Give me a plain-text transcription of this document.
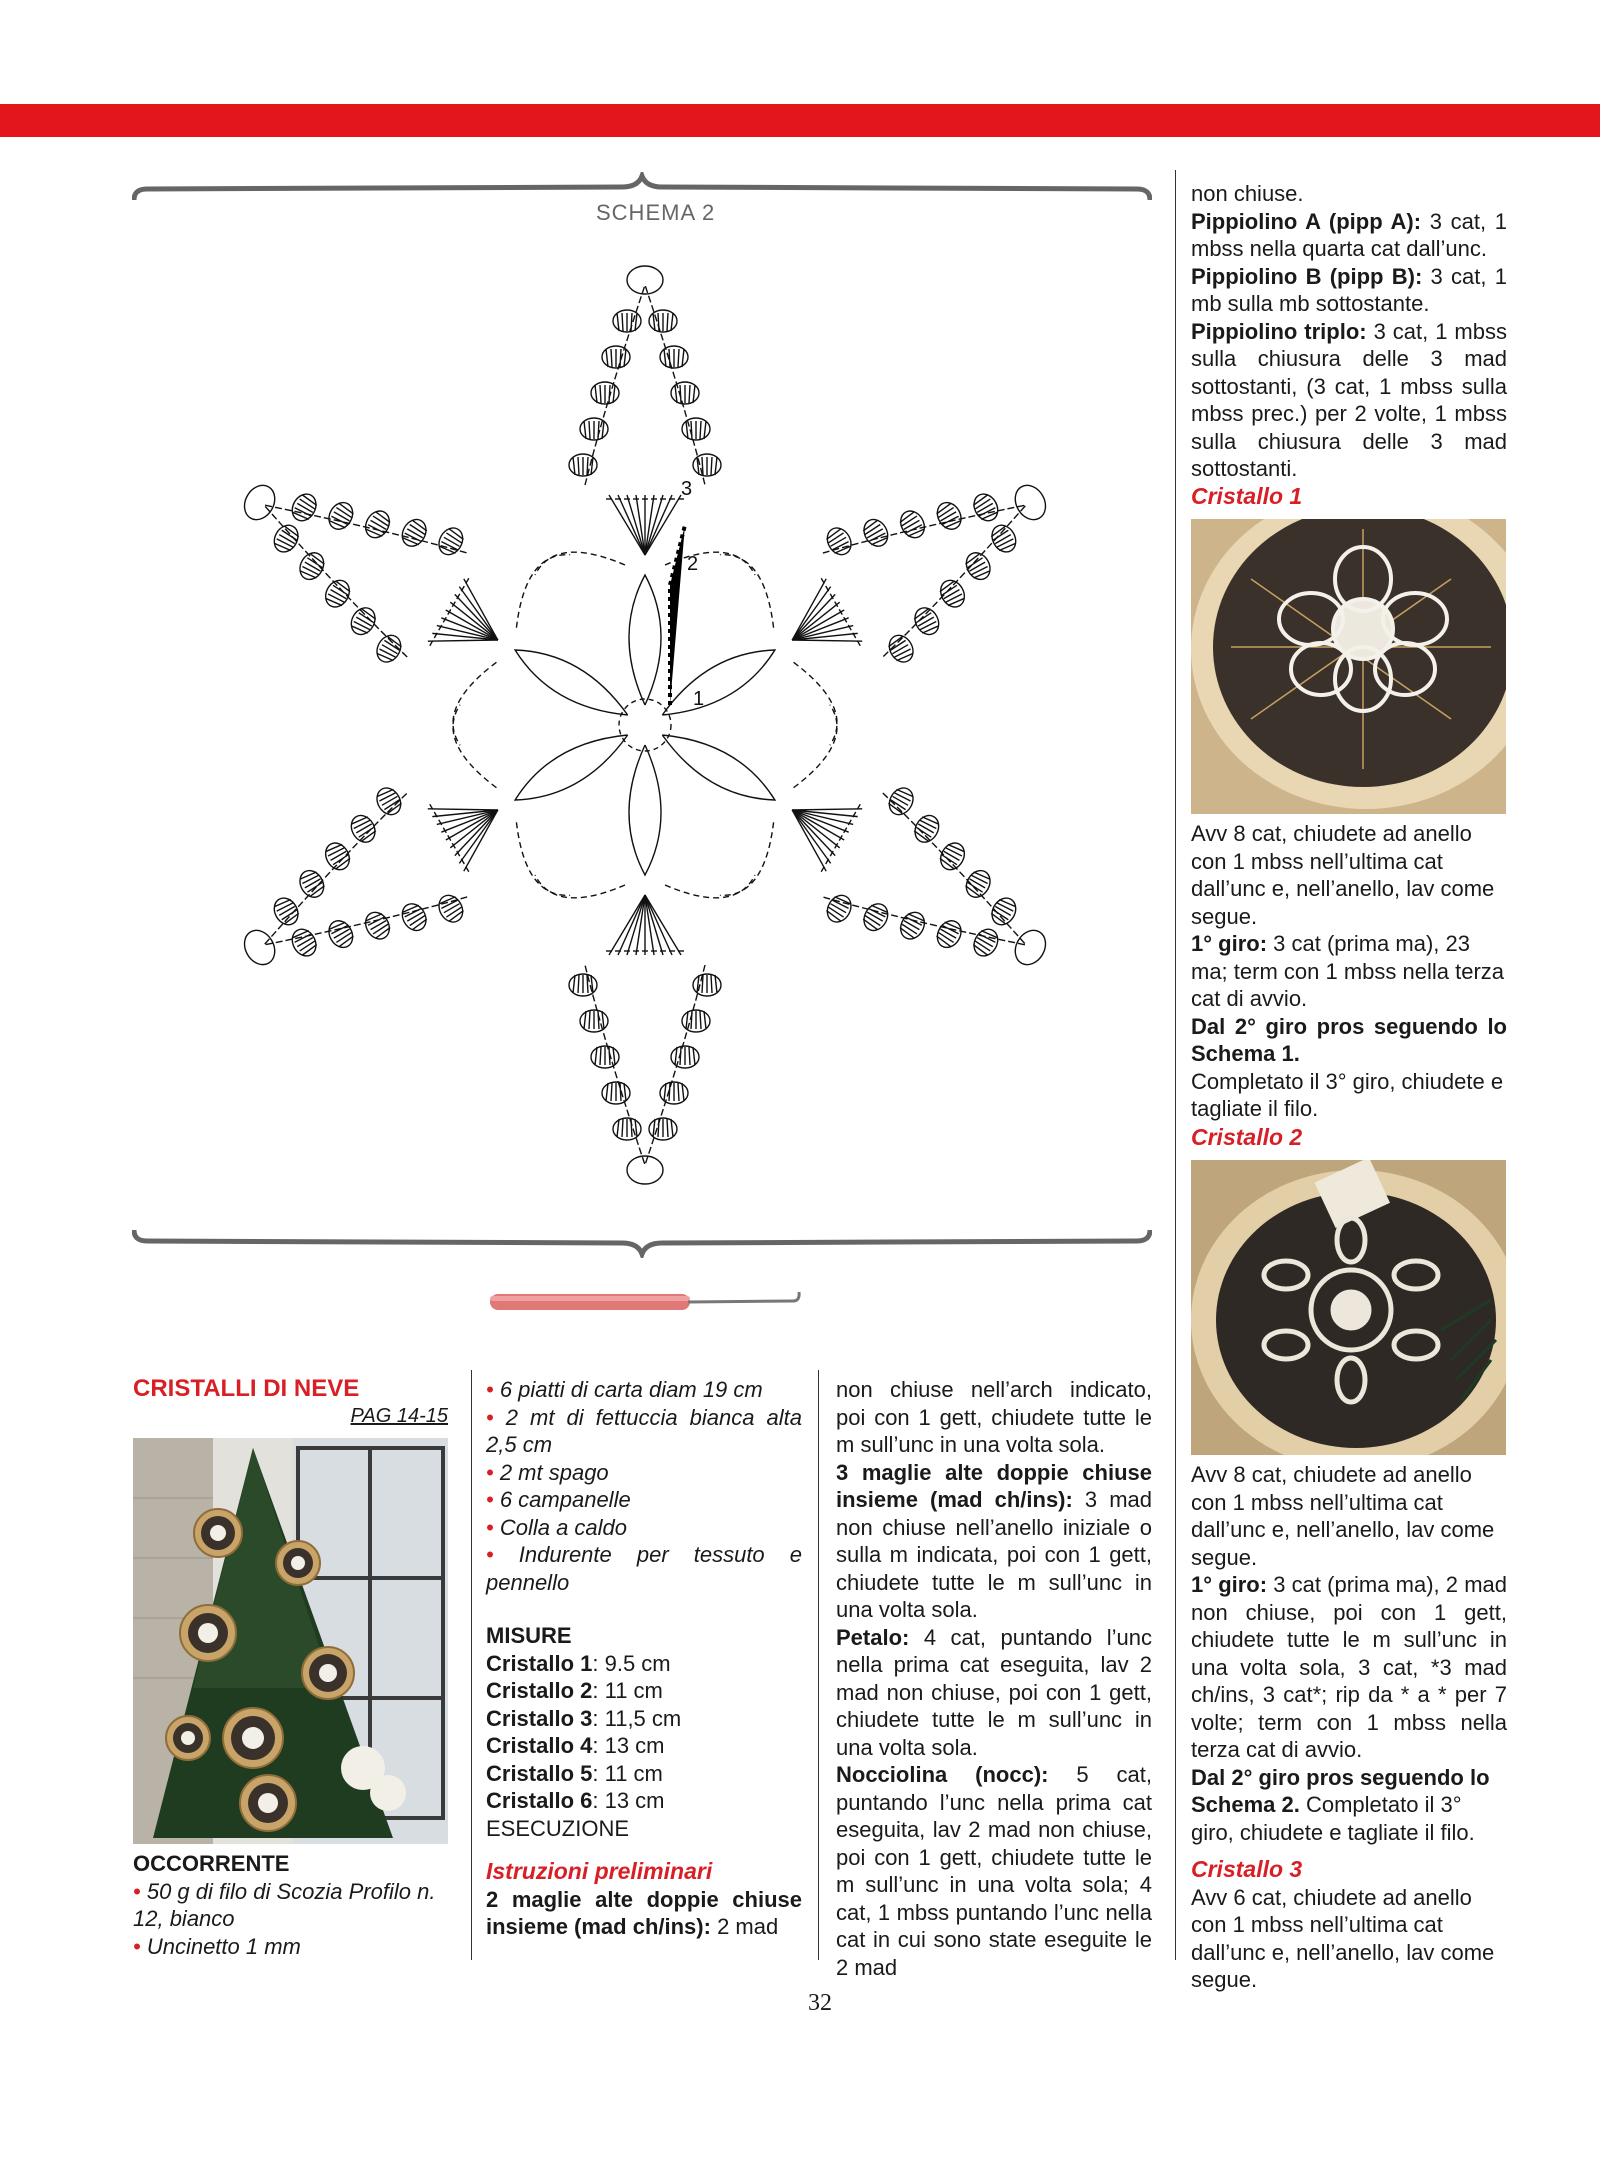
SCHEMA 2
3
2
1

non chiuse.

Pippiolino A (pipp A): 3 cat, 1 mbss nella quarta cat dall’unc.

Pippiolino B (pipp B): 3 cat, 1 mb sulla mb sottostante.

Pippiolino triplo: 3 cat, 1 mbss sulla chiusura delle 3 mad sottostanti, (3 cat, 1 mbss sulla mbss prec.) per 2 volte, 1 mbss sulla chiusura delle 3 mad sottostanti.

Cristallo 1

Avv 8 cat, chiudete ad anello con 1 mbss nell’ultima cat dall’unc e, nell’anello, lav come segue.

1° giro: 3 cat (prima ma), 23 ma; term con 1 mbss nella terza cat di avvio.

Dal 2° giro pros seguendo lo Schema 1.

Completato il 3° giro, chiudete e tagliate il filo.

Cristallo 2

Avv 8 cat, chiudete ad anello con 1 mbss nell’ultima cat dall’unc e, nell’anello, lav come segue.

1° giro: 3 cat (prima ma), 2 mad non chiuse, poi con 1 gett, chiudete tutte le m sull’unc in una volta sola, 3 cat, *3 mad ch/ins, 3 cat*; rip da * a * per 7 volte; term con 1 mbss nella terza cat di avvio.

Dal 2° giro pros seguendo lo Schema 2. Completato il 3° giro, chiudete e tagliate il filo.

Cristallo 3

Avv 6 cat, chiudete ad anello con 1 mbss nell’ultima cat dall’unc e, nell’anello, lav come segue.

CRISTALLI DI NEVE

PAG 14-15

OCCORRENTE

• 50 g di filo di Scozia Profilo n. 12, bianco

• Uncinetto 1 mm

• 6 piatti di carta diam 19 cm

• 2 mt di fettuccia bianca alta 2,5 cm

• 2 mt spago

• 6 campanelle

• Colla a caldo

• Indurente per tessuto e pennello

MISURE

Cristallo 1: 9.5 cm

Cristallo 2: 11 cm

Cristallo 3: 11,5 cm

Cristallo 4: 13 cm

Cristallo 5: 11 cm

Cristallo 6: 13 cm

ESECUZIONE

Istruzioni preliminari

2 maglie alte doppie chiuse insieme (mad ch/ins): 2 mad

non chiuse nell’arch indicato, poi con 1 gett, chiudete tutte le m sull’unc in una volta sola.

3 maglie alte doppie chiuse insieme (mad ch/ins): 3 mad non chiuse nell’anello iniziale o sulla m indicata, poi con 1 gett, chiudete tutte le m sull’unc in una volta sola.

Petalo: 4 cat, puntando l’unc nella prima cat eseguita, lav 2 mad non chiuse, poi con 1 gett, chiudete tutte le m sull’unc in una volta sola.

Nocciolina (nocc): 5 cat, puntando l’unc nella prima cat eseguita, lav 2 mad non chiuse, poi con 1 gett, chiudete tutte le m sull’unc in una volta sola; 4 cat, 1 mbss puntando l’unc nella cat in cui sono state eseguite le 2 mad

32
